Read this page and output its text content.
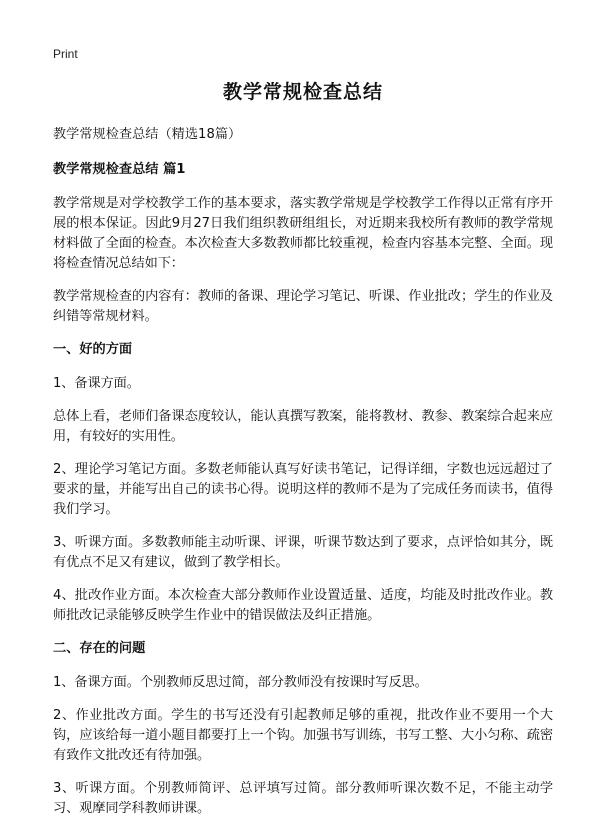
Print
教学常规检查总结

教学常规检查总结（精选18篇）

教学常规检查总结 篇1

教学常规是对学校教学工作的基本要求，落实教学常规是学校教学工作得以正常有序开展的根本保证。因此9月27日我们组织教研组组长，对近期来我校所有教师的教学常规材料做了全面的检查。本次检查大多数教师都比较重视，检查内容基本完整、全面。现将检查情况总结如下：

教学常规检查的内容有：教师的备课、理论学习笔记、听课、作业批改；学生的作业及纠错等常规材料。

一、好的方面

1、备课方面。

总体上看，老师们备课态度较认，能认真撰写教案，能将教材、教参、教案综合起来应用，有较好的实用性。

2、理论学习笔记方面。多数老师能认真写好读书笔记，记得详细，字数也远远超过了要求的量，并能写出自己的读书心得。说明这样的教师不是为了完成任务而读书，值得我们学习。

3、听课方面。多数教师能主动听课、评课，听课节数达到了要求，点评恰如其分，既有优点不足又有建议，做到了教学相长。

4、批改作业方面。本次检查大部分教师作业设置适量、适度，均能及时批改作业。教师批改记录能够反映学生作业中的错误做法及纠正措施。

二、存在的问题

1、备课方面。个别教师反思过简，部分教师没有按课时写反思。

2、作业批改方面。学生的书写还没有引起教师足够的重视，批改作业不要用一个大钩，应该给每一道小题目都要打上一个钩。加强书写训练，书写工整、大小匀称、疏密有致作文批改还有待加强。

3、听课方面。个别教师简评、总评填写过简。部分教师听课次数不足，不能主动学习、观摩同学科教师讲课。
